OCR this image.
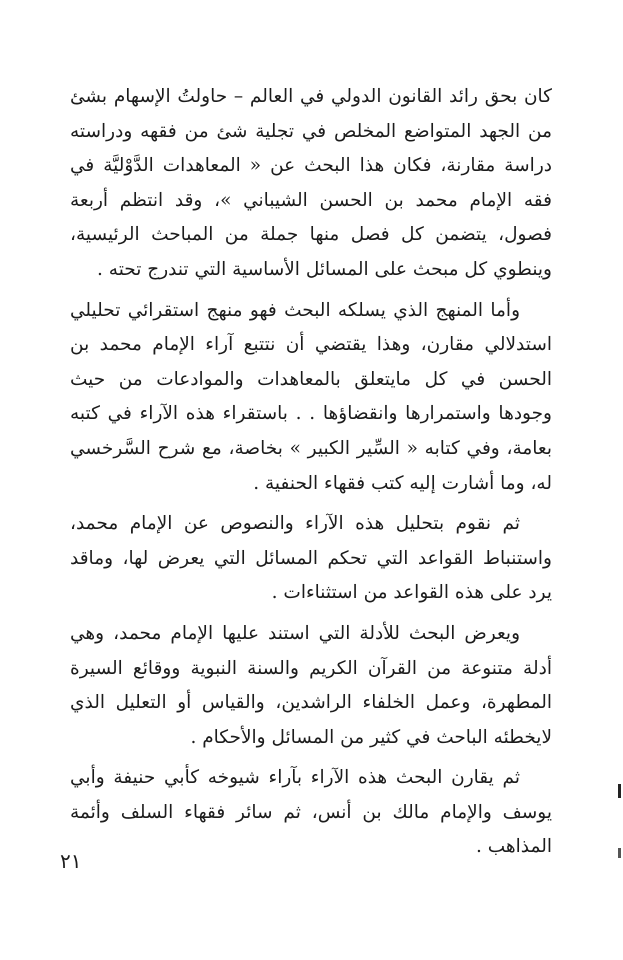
كان بحق رائد القانون الدولي في العالم – حاولتُ الإسهام بشئ من الجهد المتواضع المخلص في تجلية شئ من فقهه ودراسته دراسة مقارنة، فكان هذا البحث عن « المعاهدات الدَّوْليَّة في فقه الإمام محمد بن الحسن الشيباني »، وقد انتظم أربعة فصول، يتضمن كل فصل منها جملة من المباحث الرئيسية، وينطوي كل مبحث على المسائل الأساسية التي تندرج تحته .

وأما المنهج الذي يسلكه البحث فهو منهج استقرائي تحليلي استدلالي مقارن، وهذا يقتضي أن نتتبع آراء الإمام محمد بن الحسن في كل مايتعلق بالمعاهدات والموادعات من حيث وجودها واستمرارها وانقضاؤها . . باستقراء هذه الآراء في كتبه بعامة، وفي كتابه « السِّير الكبير » بخاصة، مع شرح السَّرخسي له، وما أشارت إليه كتب فقهاء الحنفية .

ثم نقوم بتحليل هذه الآراء والنصوص عن الإمام محمد، واستنباط القواعد التي تحكم المسائل التي يعرض لها، وماقد يرد على هذه القواعد من استثناءات .

ويعرض البحث للأدلة التي استند عليها الإمام محمد، وهي أدلة متنوعة من القرآن الكريم والسنة النبوية ووقائع السيرة المطهرة، وعمل الخلفاء الراشدين، والقياس أو التعليل الذي لايخطئه الباحث في كثير من المسائل والأحكام .

ثم يقارن البحث هذه الآراء بآراء شيوخه كأبي حنيفة وأبي يوسف والإمام مالك بن أنس، ثم سائر فقهاء السلف وأئمة المذاهب .

٢١
